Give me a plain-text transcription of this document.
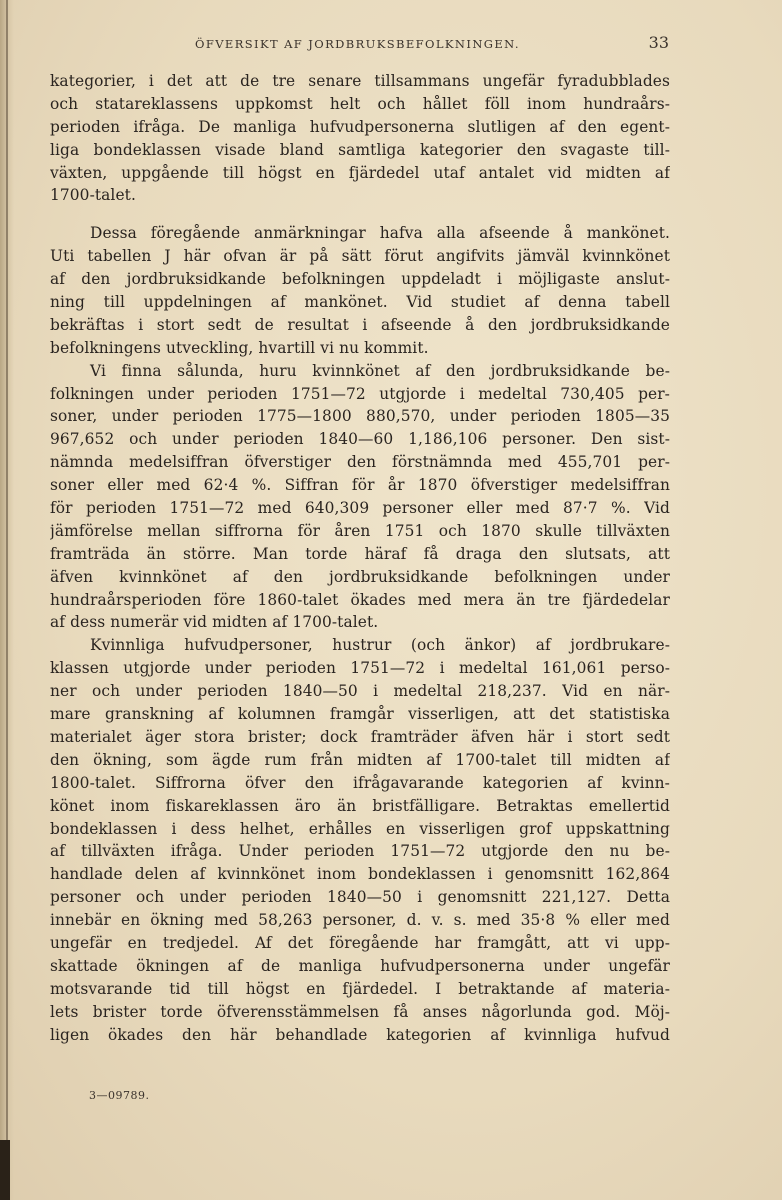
ÖFVERSIKT AF JORDBRUKSBEFOLKNINGEN.	33
kategorier, i det att de tre senare tillsammans ungefär fyradubblades
och statareklassens uppkomst helt och hållet föll inom hundraårs-
perioden ifråga. De manliga hufvudpersonerna slutligen af den egent-
liga bondeklassen visade bland samtliga kategorier den svagaste till-
växten, uppgående till högst en fjärdedel utaf antalet vid midten af
1700-talet.
Dessa föregående anmärkningar hafva alla afseende å mankönet.
Uti tabellen J här ofvan är på sätt förut angifvits jämväl kvinnkönet
af den jordbruksidkande befolkningen uppdeladt i möjligaste anslut-
ning till uppdelningen af mankönet. Vid studiet af denna tabell
bekräftas i stort sedt de resultat i afseende å den jordbruksidkande
befolkningens utveckling, hvartill vi nu kommit.
Vi finna sålunda, huru kvinnkönet af den jordbruksidkande be-
folkningen under perioden 1751—72 utgjorde i medeltal 730,405 per-
soner, under perioden 1775—1800 880,570, under perioden 1805—35
967,652 och under perioden 1840—60 1,186,106 personer. Den sist-
nämnda medelsiffran öfverstiger den förstnämnda med 455,701 per-
soner eller med 62·4 %. Siffran för år 1870 öfverstiger medelsiffran
för perioden 1751—72 med 640,309 personer eller med 87·7 %. Vid
jämförelse mellan siffrorna för åren 1751 och 1870 skulle tillväxten
framträda än större. Man torde häraf få draga den slutsats, att
äfven kvinnkönet af den jordbruksidkande befolkningen under
hundraårsperioden före 1860-talet ökades med mera än tre fjärdedelar
af dess numerär vid midten af 1700-talet.
Kvinnliga hufvudpersoner, hustrur (och änkor) af jordbrukare-
klassen utgjorde under perioden 1751—72 i medeltal 161,061 perso-
ner och under perioden 1840—50 i medeltal 218,237. Vid en när-
mare granskning af kolumnen framgår visserligen, att det statistiska
materialet äger stora brister; dock framträder äfven här i stort sedt
den ökning, som ägde rum från midten af 1700-talet till midten af
1800-talet. Siffrorna öfver den ifrågavarande kategorien af kvinn-
könet inom fiskareklassen äro än bristfälligare. Betraktas emellertid
bondeklassen i dess helhet, erhålles en visserligen grof uppskattning
af tillväxten ifråga. Under perioden 1751—72 utgjorde den nu be-
handlade delen af kvinnkönet inom bondeklassen i genomsnitt 162,864
personer och under perioden 1840—50 i genomsnitt 221,127. Detta
innebär en ökning med 58,263 personer, d. v. s. med 35·8 % eller med
ungefär en tredjedel. Af det föregående har framgått, att vi upp-
skattade ökningen af de manliga hufvudpersonerna under ungefär
motsvarande tid till högst en fjärdedel. I betraktande af materia-
lets brister torde öfverensstämmelsen få anses någorlunda god. Möj-
ligen ökades den här behandlade kategorien af kvinnliga hufvud
3—09789.
